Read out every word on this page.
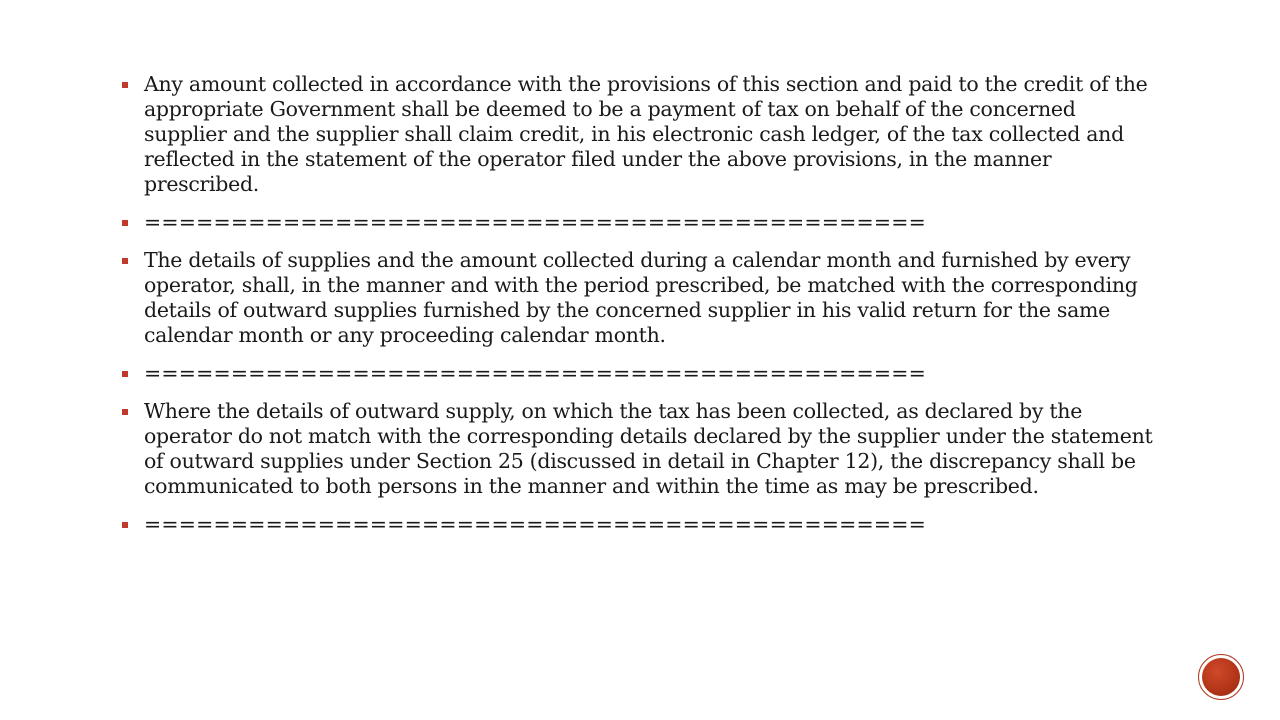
Any amount collected in accordance with the provisions of this section and paid to the credit of the appropriate Government shall be deemed to be a payment of tax on behalf of the concerned supplier and the supplier shall claim credit, in his electronic cash ledger, of the tax collected and reflected in the statement of the operator filed under the above provisions, in the manner prescribed.
=============================================
The details of supplies and the amount collected during a calendar month and furnished by every operator, shall, in the manner and with the period prescribed, be matched with the corresponding details of outward supplies furnished by the concerned supplier in his valid return for the same calendar month or any proceeding calendar month.
=============================================
Where the details of outward supply, on which the tax has been collected, as declared by the operator do not match with the corresponding details declared by the supplier under the statement of outward supplies under Section 25 (discussed in detail in Chapter 12), the discrepancy shall be communicated to both persons in the manner and within the time as may be prescribed.
=============================================
